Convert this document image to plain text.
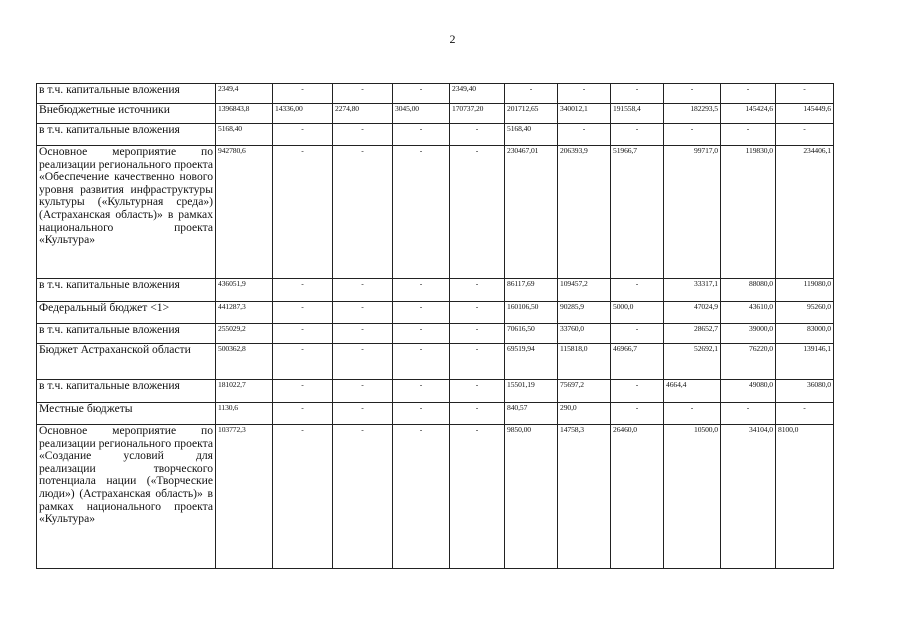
2
в т.ч. капитальные вложения	2349,4	-	-	-	2349,40	-	-	-	-	-	-
Внебюджетные источники	1396843,8	14336,00	2274,80	3045,00	170737,20	201712,65	340012,1	191558,4	182293,5	145424,6	145449,6
в т.ч. капитальные вложения	5168,40	-	-	-	-	5168,40	-	-	-	-	-
Основное мероприятие по реализации регионального проекта «Обеспечение качественно нового уровня развития инфраструктуры культуры («Культурная среда») (Астраханская область)» в рамках национального проекта «Культура»	942780,6	-	-	-	-	230467,01	206393,9	51966,7	99717,0	119830,0	234406,1
в т.ч. капитальные вложения	436051,9	-	-	-	-	86117,69	109457,2	-	33317,1	88080,0	119080,0
Федеральный бюджет <1>	441287,3	-	-	-	-	160106,50	90285,9	5000,0	47024,9	43610,0	95260,0
в т.ч. капитальные вложения	255029,2	-	-	-	-	70616,50	33760,0	-	28652,7	39000,0	83000,0
Бюджет Астраханской области	500362,8	-	-	-	-	69519,94	115818,0	46966,7	52692,1	76220,0	139146,1
в т.ч. капитальные вложения	181022,7	-	-	-	-	15501,19	75697,2	-	4664,4	49080,0	36080,0
Местные бюджеты	1130,6	-	-	-	-	840,57	290,0	-	-	-	-
Основное мероприятие по реализации регионального проекта «Создание условий для реализации творческого потенциала нации («Творческие люди») (Астраханская область)» в рамках национального проекта «Культура»	103772,3	-	-	-	-	9850,00	14758,3	26460,0	10500,0	34104,0	8100,0
